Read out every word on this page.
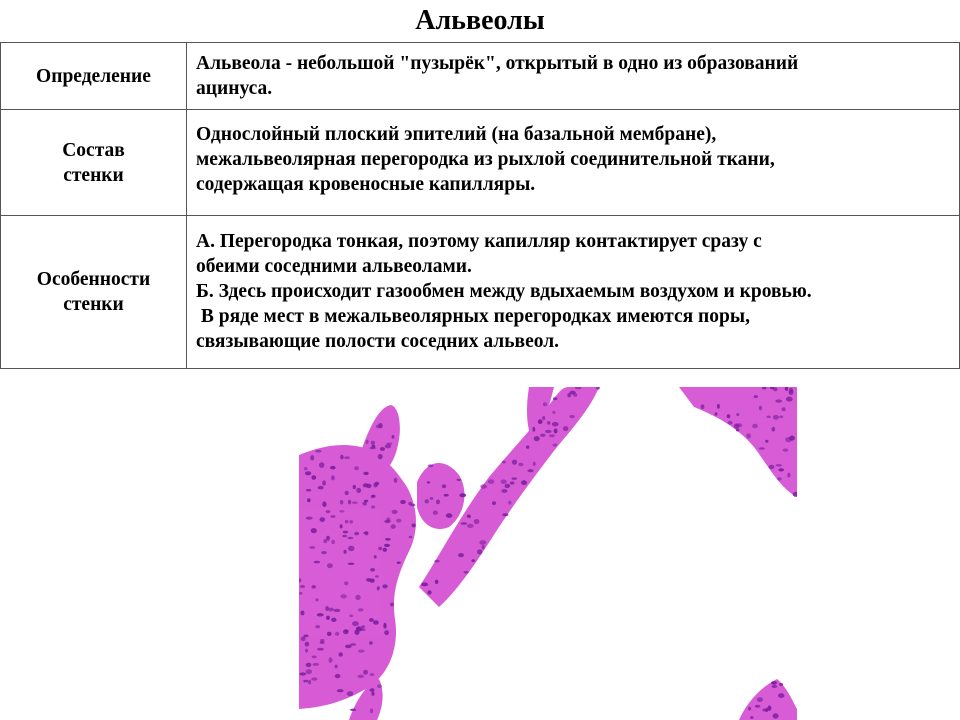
Альвеолы
Определение	Альвеола - небольшой "пузырёк", открытый в одно из образований
ацинуса.

Состав
стенки	Однослойный плоский эпителий (на базальной мембране),
межальвеолярная перегородка из рыхлой соединительной ткани,
содержащая кровеносные капилляры.

Особенности
стенки	А. Перегородка тонкая, поэтому капилляр контактирует сразу с
обеими соседними альвеолами.
Б. Здесь происходит газообмен между вдыхаемым воздухом и кровью.
В ряде мест в межальвеолярных перегородках имеются поры,
связывающие полости соседних альвеол.
